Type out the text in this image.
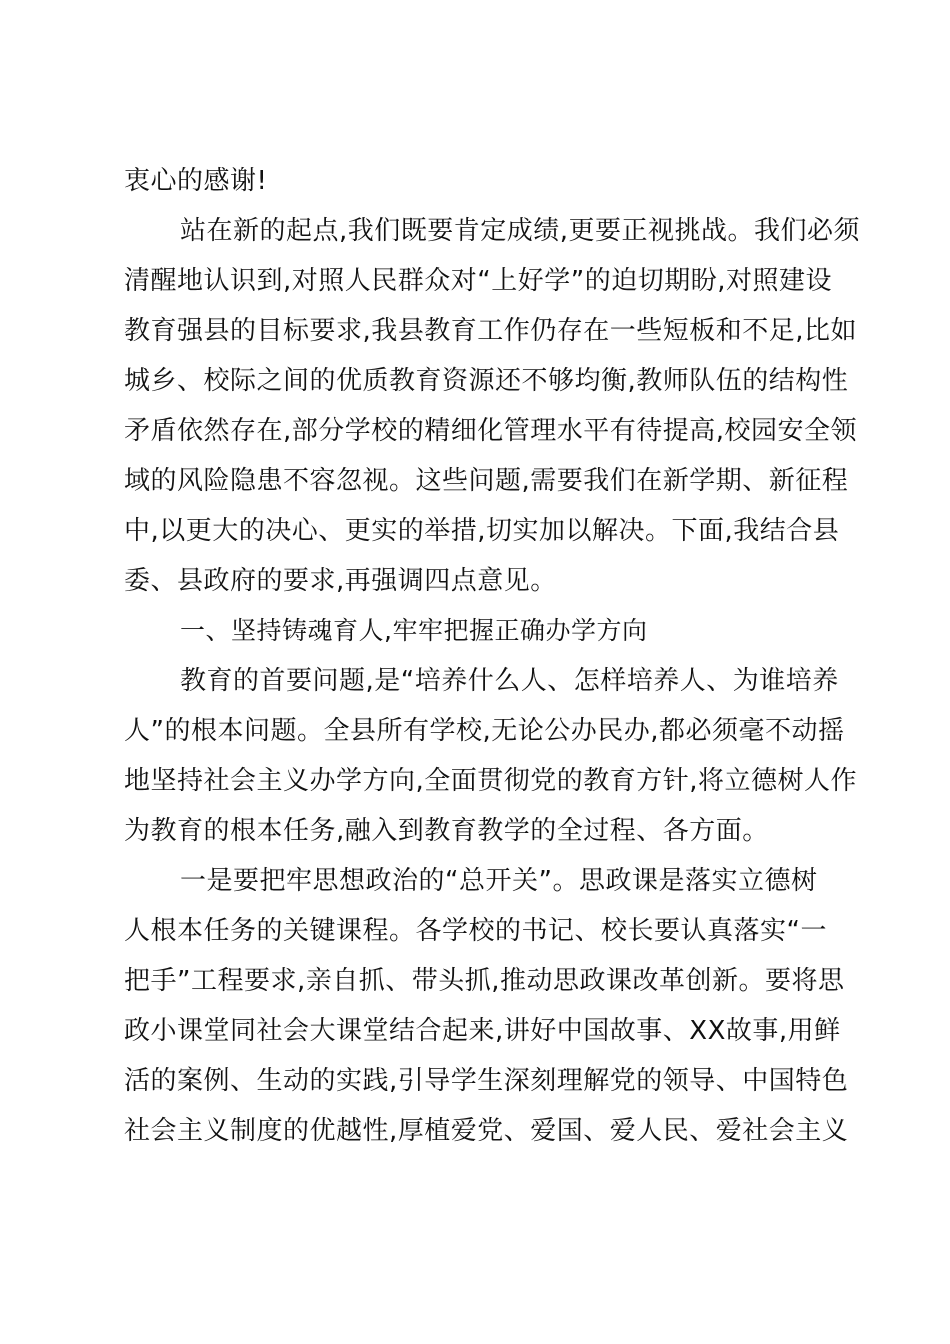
衷心的感谢!
站在新的起点,我们既要肯定成绩,更要正视挑战。我们必须
清醒地认识到,对照人民群众对“上好学”的迫切期盼,对照建设
教育强县的目标要求,我县教育工作仍存在一些短板和不足,比如
城乡、校际之间的优质教育资源还不够均衡,教师队伍的结构性
矛盾依然存在,部分学校的精细化管理水平有待提高,校园安全领
域的风险隐患不容忽视。这些问题,需要我们在新学期、新征程
中,以更大的决心、更实的举措,切实加以解决。下面,我结合县
委、县政府的要求,再强调四点意见。
一、坚持铸魂育人,牢牢把握正确办学方向
教育的首要问题,是“培养什么人、怎样培养人、为谁培养
人”的根本问题。全县所有学校,无论公办民办,都必须毫不动摇
地坚持社会主义办学方向,全面贯彻党的教育方针,将立德树人作
为教育的根本任务,融入到教育教学的全过程、各方面。
一是要把牢思想政治的“总开关”。思政课是落实立德树
人根本任务的关键课程。各学校的书记、校长要认真落实“一
把手”工程要求,亲自抓、带头抓,推动思政课改革创新。要将思
政小课堂同社会大课堂结合起来,讲好中国故事、XX故事,用鲜
活的案例、生动的实践,引导学生深刻理解党的领导、中国特色
社会主义制度的优越性,厚植爱党、爱国、爱人民、爱社会主义
